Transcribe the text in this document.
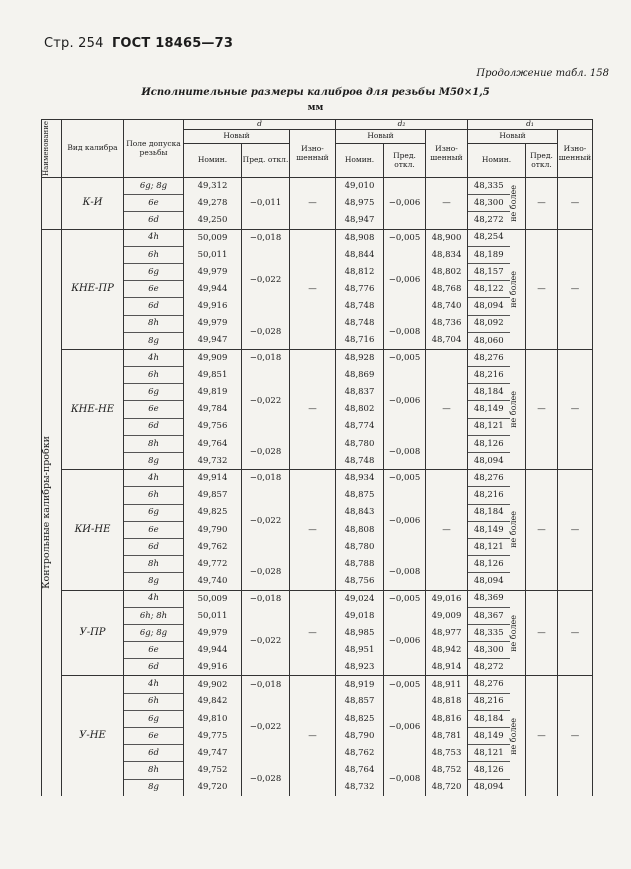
Стр. 254 ГОСТ 18465—73
Продолжение табл. 158
Исполнительные размеры калибров для резьбы М50×1,5
мм
Наименование	Вид калибра	Поле допуска резьбы	d			d₂			d₁			
			Новый		Изно-шенный	Новый		Изно-шенный	Новый			Изно-шенный
			Номин.	Пред. откл.		Номин.	Пред. откл.		Номин.		Пред. откл.	
	К-И	6g; 8g	49,312	−0,011	—	49,010	−0,006	—	48,335	не более	—	—
		6e	49,278			48,975			48,300			
		6d	49,250			48,947			48,272			

Контрольные калибры-пробки	КНЕ-ПР	4h	50,009	−0,018	—	48,908	−0,005	48,900	48,254	не более	—	—
		6h	50,011	−0,022		48,844	−0,006	48,834	48,189			
		6g	49,979			48,812		48,802	48,157			
		6e	49,944			48,776		48,768	48,122			
		6d	49,916			48,748		48,740	48,094			
		8h	49,979	−0,028		48,748	−0,008	48,736	48,092			
		8g	49,947			48,716		48,704	48,060			
	КНЕ-НЕ	4h	49,909	−0,018	—	48,928	−0,005	—	48,276	не более	—	—
		6h	49,851	−0,022		48,869	−0,006		48,216			
		6g	49,819			48,837			48,184			
		6e	49,784			48,802			48,149			
		6d	49,756			48,774			48,121			
		8h	49,764	−0,028		48,780	−0,008		48,126			
		8g	49,732			48,748			48,094			
	КИ-НЕ	4h	49,914	−0,018	—	48,934	−0,005	—	48,276	не более	—	—
		6h	49,857	−0,022		48,875	−0,006		48,216			
		6g	49,825			48,843			48,184			
		6e	49,790			48,808			48,149			
		6d	49,762			48,780			48,121			
		8h	49,772	−0,028		48,788	−0,008		48,126			
		8g	49,740			48,756			48,094			
	У-ПР	4h	50,009	−0,018	—	49,024	−0,005	49,016	48,369	не более	—	—
		6h; 8h	50,011	−0,022		49,018	−0,006	49,009	48,367			
		6g; 8g	49,979			48,985		48,977	48,335			
		6e	49,944			48,951		48,942	48,300			
		6d	49,916			48,923		48,914	48,272			
	У-НЕ	4h	49,902	−0,018	—	48,919	−0,005	48,911	48,276	не более	—	—
		6h	49,842	−0,022		48,857	−0,006	48,818	48,216			
		6g	49,810			48,825		48,816	48,184			
		6e	49,775			48,790		48,781	48,149			
		6d	49,747			48,762		48,753	48,121			
		8h	49,752	−0,028		48,764	−0,008	48,752	48,126			
		8g	49,720			48,732		48,720	48,094			
